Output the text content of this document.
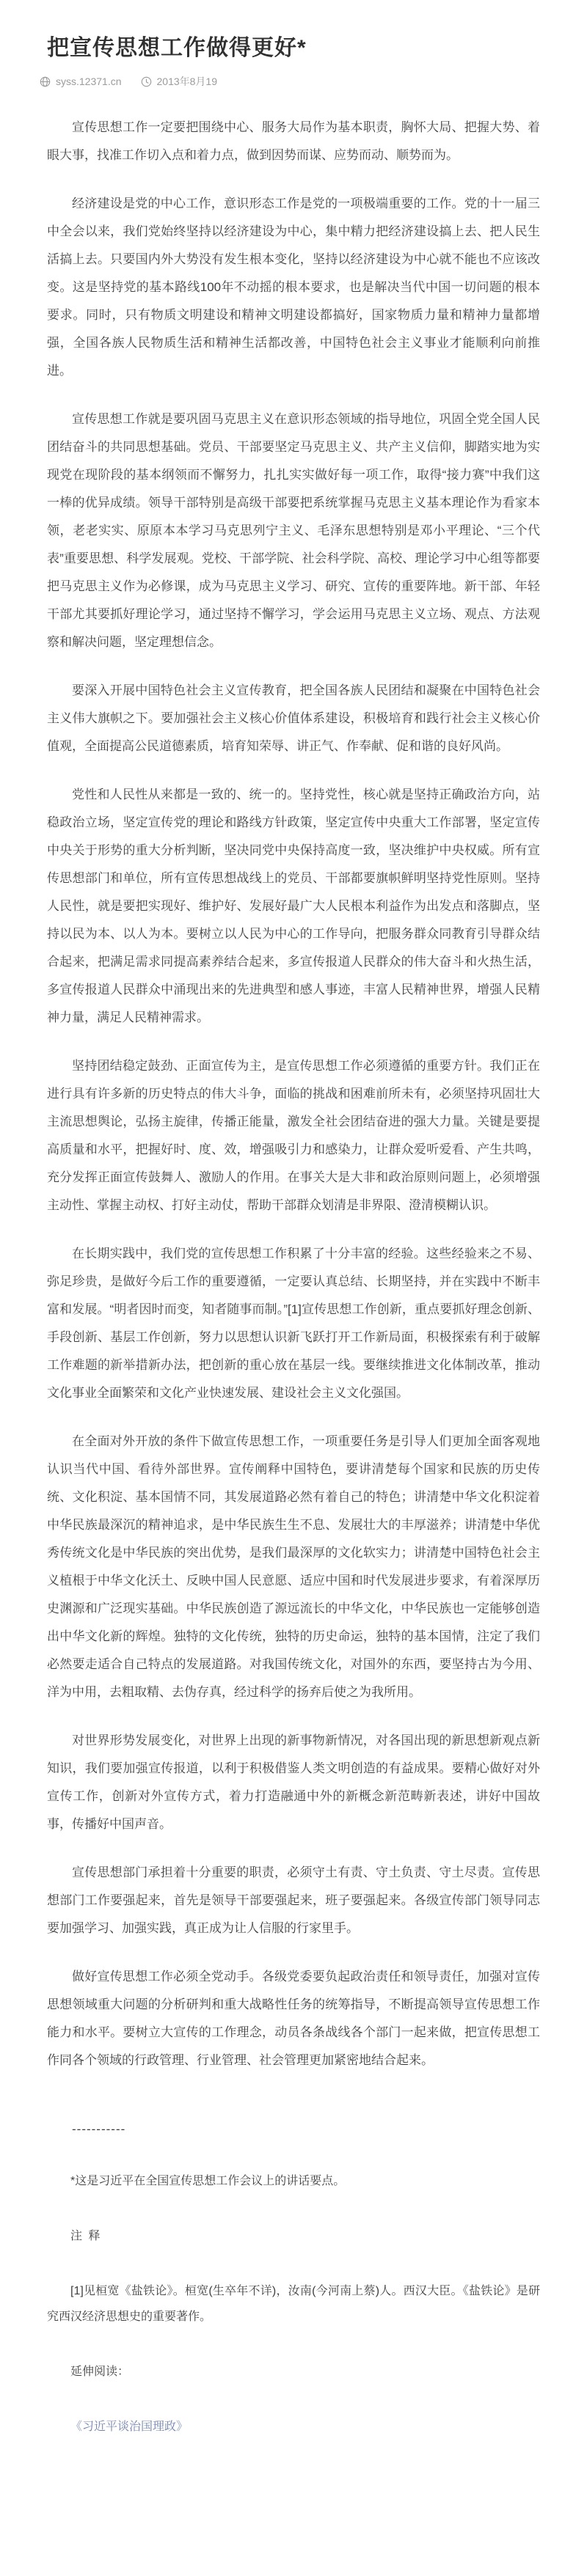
把宣传思想工作做得更好*
syss.12371.cn	2013年8月19

宣传思想工作一定要把围绕中心、服务大局作为基本职责，胸怀大局、把握大势、着眼大事，找准工作切入点和着力点，做到因势而谋、应势而动、顺势而为。

经济建设是党的中心工作，意识形态工作是党的一项极端重要的工作。党的十一届三中全会以来，我们党始终坚持以经济建设为中心，集中精力把经济建设搞上去、把人民生活搞上去。只要国内外大势没有发生根本变化，坚持以经济建设为中心就不能也不应该改变。这是坚持党的基本路线100年不动摇的根本要求，也是解决当代中国一切问题的根本要求。同时，只有物质文明建设和精神文明建设都搞好，国家物质力量和精神力量都增强，全国各族人民物质生活和精神生活都改善，中国特色社会主义事业才能顺利向前推进。

宣传思想工作就是要巩固马克思主义在意识形态领域的指导地位，巩固全党全国人民团结奋斗的共同思想基础。党员、干部要坚定马克思主义、共产主义信仰，脚踏实地为实现党在现阶段的基本纲领而不懈努力，扎扎实实做好每一项工作，取得“接力赛”中我们这一棒的优异成绩。领导干部特别是高级干部要把系统掌握马克思主义基本理论作为看家本领，老老实实、原原本本学习马克思列宁主义、毛泽东思想特别是邓小平理论、“三个代表”重要思想、科学发展观。党校、干部学院、社会科学院、高校、理论学习中心组等都要把马克思主义作为必修课，成为马克思主义学习、研究、宣传的重要阵地。新干部、年轻干部尤其要抓好理论学习，通过坚持不懈学习，学会运用马克思主义立场、观点、方法观察和解决问题，坚定理想信念。

要深入开展中国特色社会主义宣传教育，把全国各族人民团结和凝聚在中国特色社会主义伟大旗帜之下。要加强社会主义核心价值体系建设，积极培育和践行社会主义核心价值观，全面提高公民道德素质，培育知荣辱、讲正气、作奉献、促和谐的良好风尚。

党性和人民性从来都是一致的、统一的。坚持党性，核心就是坚持正确政治方向，站稳政治立场，坚定宣传党的理论和路线方针政策，坚定宣传中央重大工作部署，坚定宣传中央关于形势的重大分析判断，坚决同党中央保持高度一致，坚决维护中央权威。所有宣传思想部门和单位，所有宣传思想战线上的党员、干部都要旗帜鲜明坚持党性原则。坚持人民性，就是要把实现好、维护好、发展好最广大人民根本利益作为出发点和落脚点，坚持以民为本、以人为本。要树立以人民为中心的工作导向，把服务群众同教育引导群众结合起来，把满足需求同提高素养结合起来，多宣传报道人民群众的伟大奋斗和火热生活，多宣传报道人民群众中涌现出来的先进典型和感人事迹，丰富人民精神世界，增强人民精神力量，满足人民精神需求。

坚持团结稳定鼓劲、正面宣传为主，是宣传思想工作必须遵循的重要方针。我们正在进行具有许多新的历史特点的伟大斗争，面临的挑战和困难前所未有，必须坚持巩固壮大主流思想舆论，弘扬主旋律，传播正能量，激发全社会团结奋进的强大力量。关键是要提高质量和水平，把握好时、度、效，增强吸引力和感染力，让群众爱听爱看、产生共鸣，充分发挥正面宣传鼓舞人、激励人的作用。在事关大是大非和政治原则问题上，必须增强主动性、掌握主动权、打好主动仗，帮助干部群众划清是非界限、澄清模糊认识。

在长期实践中，我们党的宣传思想工作积累了十分丰富的经验。这些经验来之不易、弥足珍贵，是做好今后工作的重要遵循，一定要认真总结、长期坚持，并在实践中不断丰富和发展。“明者因时而变，知者随事而制。”[1]宣传思想工作创新，重点要抓好理念创新、手段创新、基层工作创新，努力以思想认识新飞跃打开工作新局面，积极探索有利于破解工作难题的新举措新办法，把创新的重心放在基层一线。要继续推进文化体制改革，推动文化事业全面繁荣和文化产业快速发展、建设社会主义文化强国。

在全面对外开放的条件下做宣传思想工作，一项重要任务是引导人们更加全面客观地认识当代中国、看待外部世界。宣传阐释中国特色，要讲清楚每个国家和民族的历史传统、文化积淀、基本国情不同，其发展道路必然有着自己的特色；讲清楚中华文化积淀着中华民族最深沉的精神追求，是中华民族生生不息、发展壮大的丰厚滋养；讲清楚中华优秀传统文化是中华民族的突出优势，是我们最深厚的文化软实力；讲清楚中国特色社会主义植根于中华文化沃土、反映中国人民意愿、适应中国和时代发展进步要求，有着深厚历史渊源和广泛现实基础。中华民族创造了源远流长的中华文化，中华民族也一定能够创造出中华文化新的辉煌。独特的文化传统，独特的历史命运，独特的基本国情，注定了我们必然要走适合自己特点的发展道路。对我国传统文化，对国外的东西，要坚持古为今用、洋为中用，去粗取精、去伪存真，经过科学的扬弃后使之为我所用。

对世界形势发展变化，对世界上出现的新事物新情况，对各国出现的新思想新观点新知识，我们要加强宣传报道，以利于积极借鉴人类文明创造的有益成果。要精心做好对外宣传工作，创新对外宣传方式，着力打造融通中外的新概念新范畴新表述，讲好中国故事，传播好中国声音。

宣传思想部门承担着十分重要的职责，必须守土有责、守土负责、守土尽责。宣传思想部门工作要强起来，首先是领导干部要强起来，班子要强起来。各级宣传部门领导同志要加强学习、加强实践，真正成为让人信服的行家里手。

做好宣传思想工作必须全党动手。各级党委要负起政治责任和领导责任，加强对宣传思想领域重大问题的分析研判和重大战略性任务的统筹指导，不断提高领导宣传思想工作能力和水平。要树立大宣传的工作理念，动员各条战线各个部门一起来做，把宣传思想工作同各个领域的行政管理、行业管理、社会管理更加紧密地结合起来。

-----------

*这是习近平在全国宣传思想工作会议上的讲话要点。

注 释

[1]见桓宽《盐铁论》。桓宽(生卒年不详)，汝南(今河南上蔡)人。西汉大臣。《盐铁论》是研究西汉经济思想史的重要著作。

延伸阅读：

《习近平谈治国理政》
